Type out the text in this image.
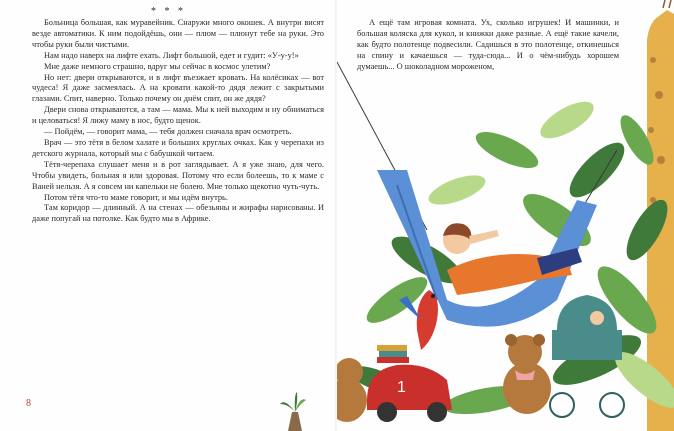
* * *

Больница большая, как муравейник. Снаружи много окошек. А внутри висят везде автоматики. К ним подойдёшь, они — плюм — плюнут тебе на руки. Это чтобы руки были чистыми.

Нам надо наверх на лифте ехать. Лифт большой, едет и гудит: «У-у-у!»

Мне даже немного страшно, вдруг мы сейчас в космос улетим?

Но нет: двери открываются, и в лифт въезжает кровать. На колёсиках — вот чудеса! Я даже засмеялась. А на кровати какой-то дядя лежит с закрытыми глазами. Спит, наверно. Только почему он днём спит, он же дядя?

Двери снова открываются, а там — мама. Мы к ней выходим и ну обниматься и целоваться! Я лижу маму в нос, будто щенок.

— Пойдём, — говорит мама, — тебя должен сначала врач осмотреть.

Врач — это тётя в белом халате и больших круглых очках. Как у черепахи из детского журнала, который мы с бабушкой читаем.

Тётя-черепаха слушает меня и в рот заглядывает. А я уже знаю, для чего. Чтобы увидеть, больная я или здоровая. Потому что если болеешь, то к маме с Ваней нельзя. А я совсем ни капельки не болею. Мне только щекотно чуть-чуть.

Потом тётя что-то маме говорит, и мы идём внутрь.

Там коридор — длинный. А на стенах — обезьяны и жирафы нарисованы. И даже попугай на потолке. Как будто мы в Африке.

8
1

А ещё там игровая комната. Ух, сколько игрушек! И машинки, и большая коляска для кукол, и книжки даже разные. А ещё такие качели, как будто полотенце подвесили. Садишься в это полотенце, откинешься на спину и качаешься — туда-сюда... И о чём-нибудь хорошем думаешь... О шоколадном мороженом,
